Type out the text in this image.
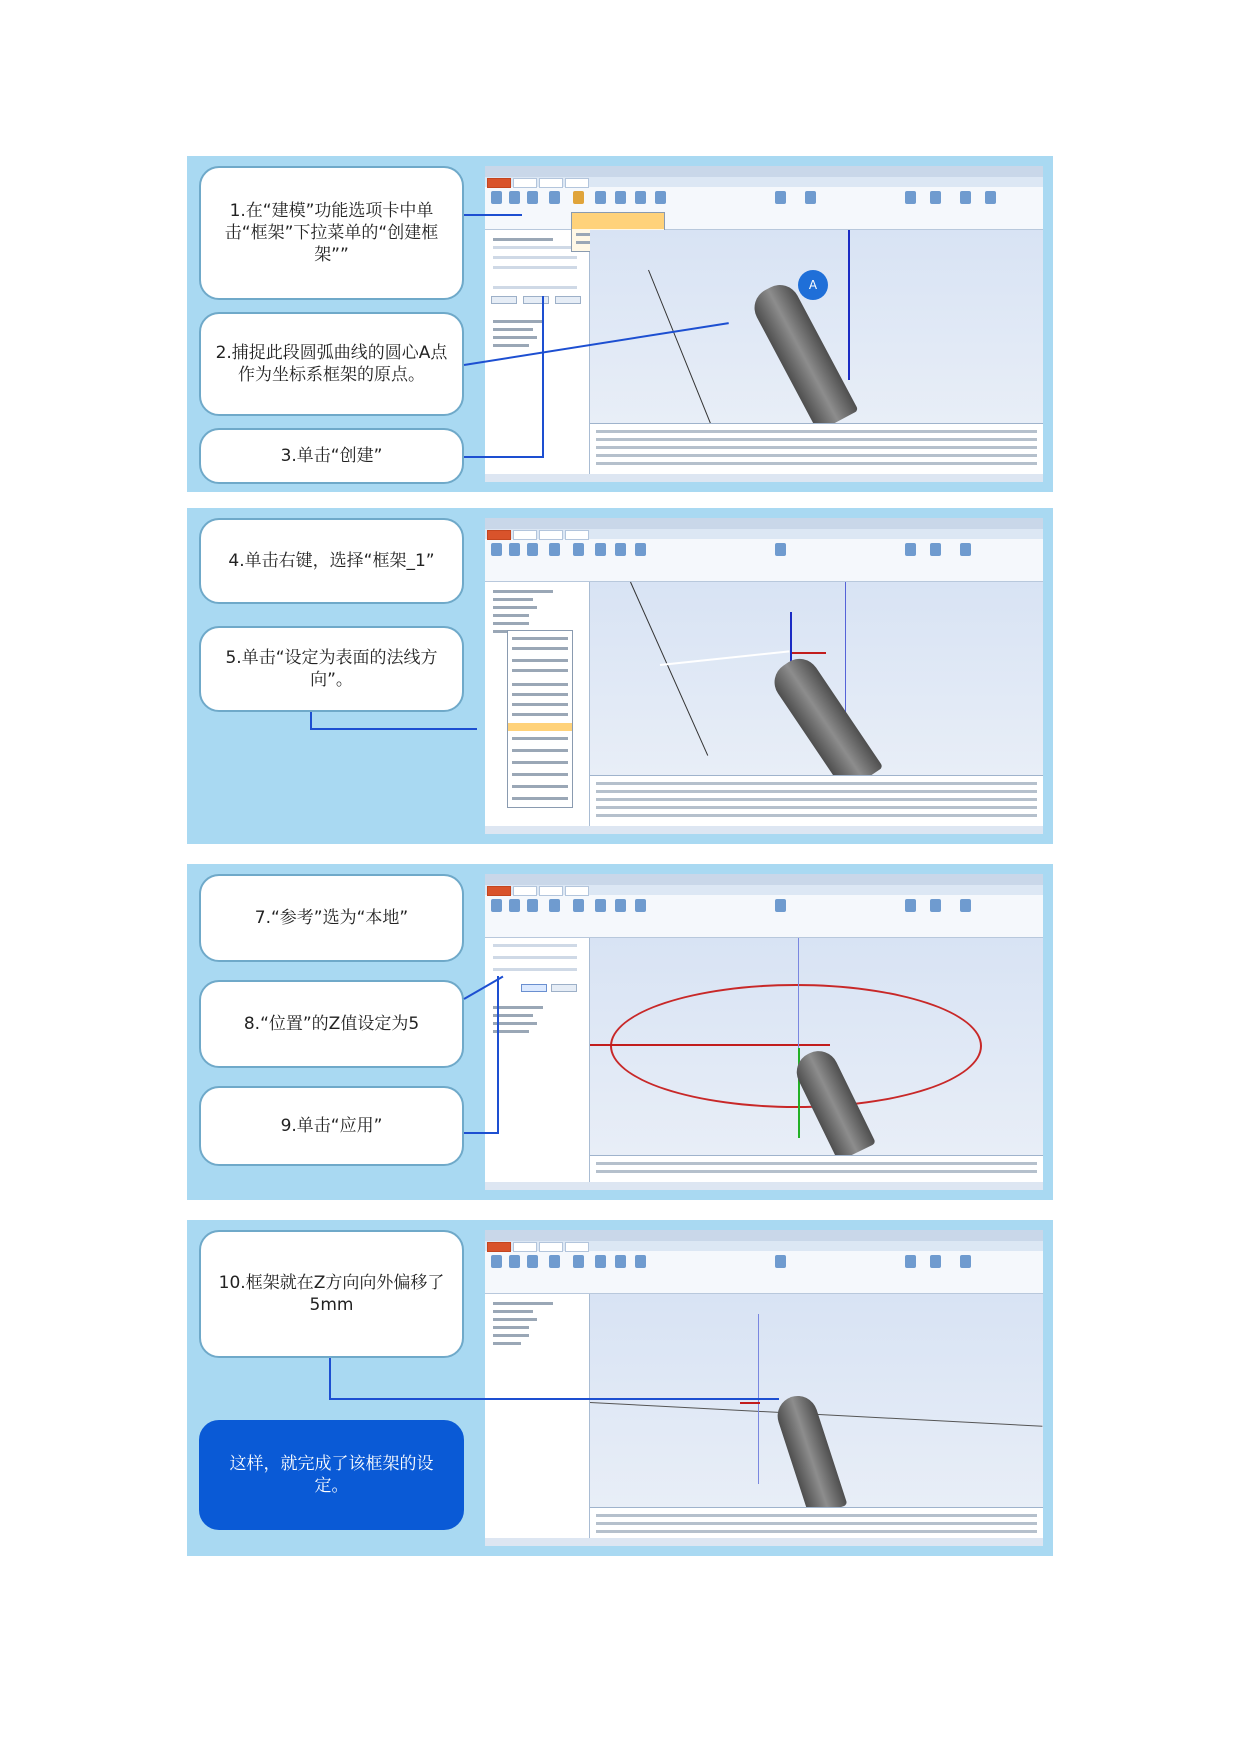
1.在“建模”功能选项卡中单击“框架”下拉菜单的“创建框架””
2.捕捉此段圆弧曲线的圆心A点作为坐标系框架的原点。
3.单击“创建”
A
4.单击右键，选择“框架_1”
5.单击“设定为表面的法线方向”。
7.“参考”选为“本地”
8.“位置”的Z值设定为5
9.单击“应用”
10.框架就在Z方向向外偏移了5mm
这样，就完成了该框架的设定。
